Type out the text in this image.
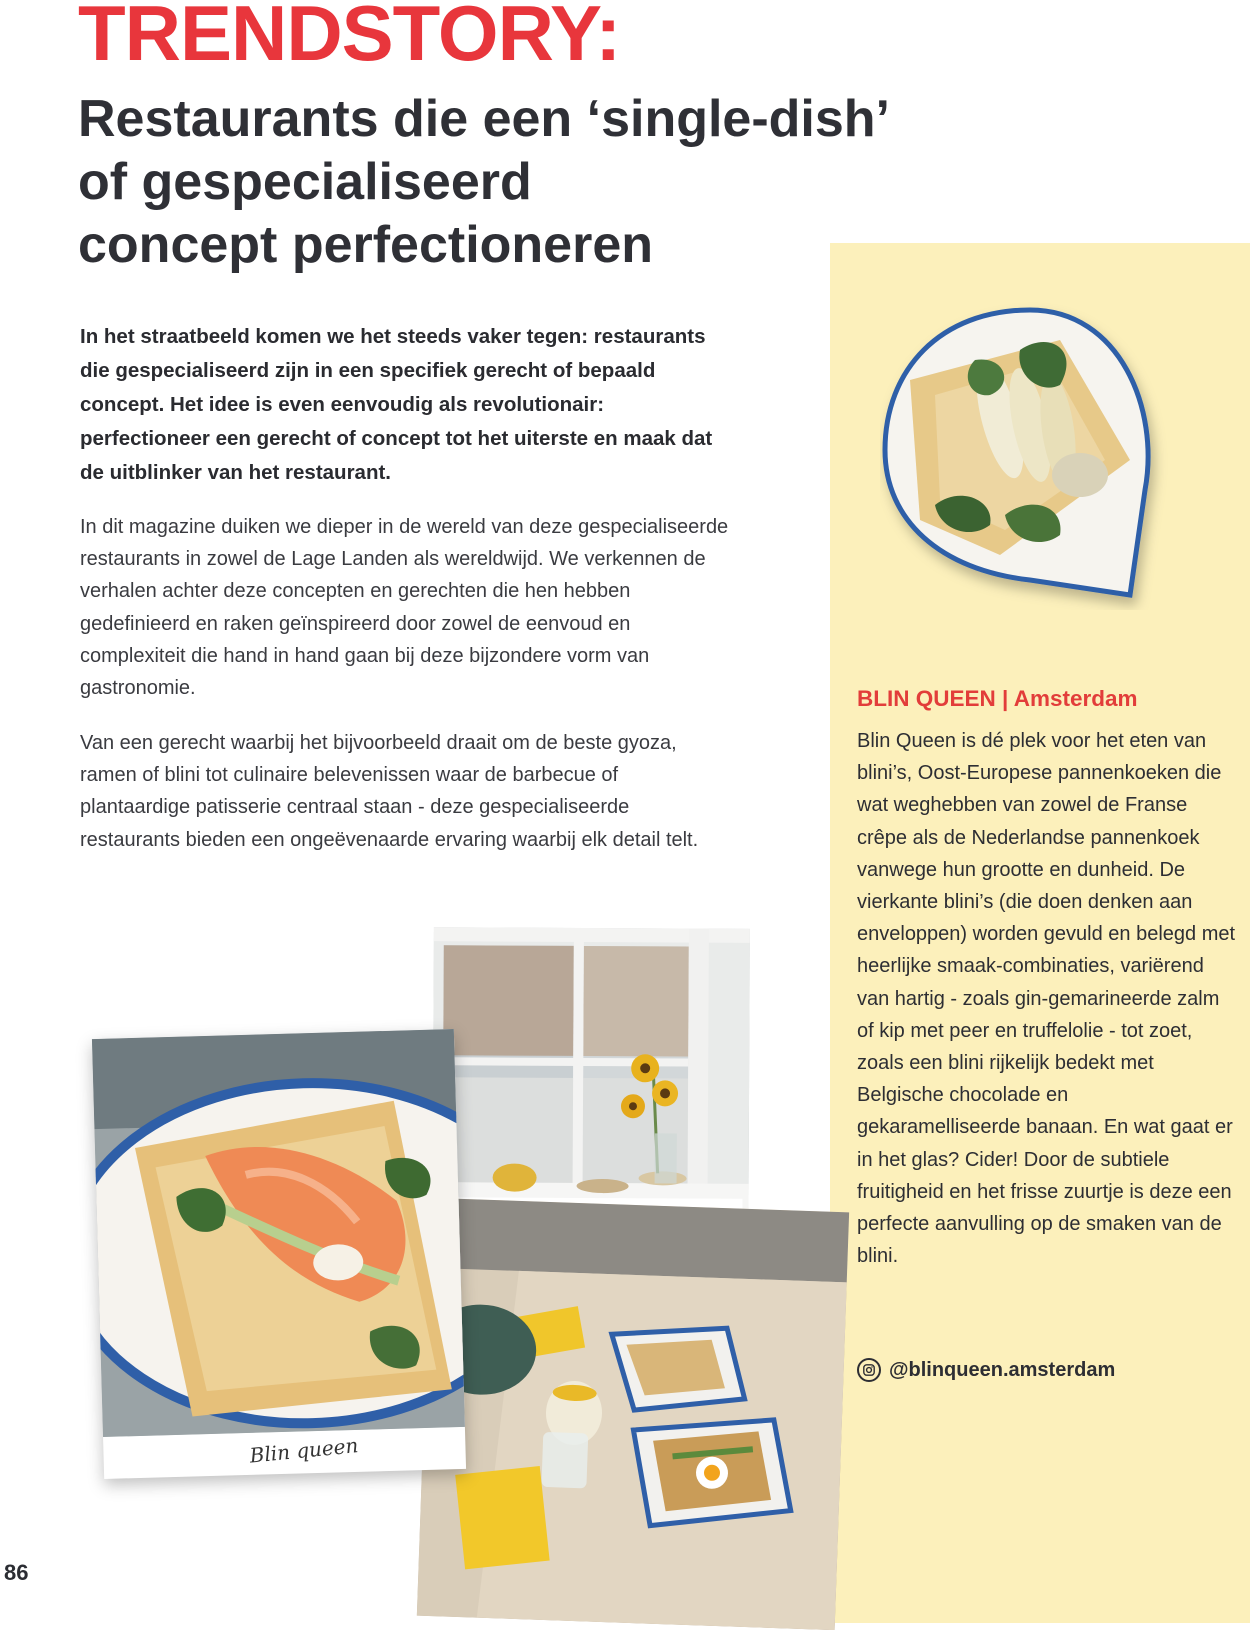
TRENDSTORY:
Restaurants die een ‘single-dish’
of gespecialiseerd
concept perfectioneren

In het straatbeeld komen we het steeds vaker tegen: restaurants die gespecialiseerd zijn in een specifiek gerecht of bepaald concept. Het idee is even eenvoudig als revolutionair: perfectioneer een gerecht of concept tot het uiterste en maak dat de uitblinker van het restaurant.

In dit magazine duiken we dieper in de wereld van deze gespecialiseerde restaurants in zowel de Lage Landen als wereldwijd. We verkennen de verhalen achter deze concepten en gerechten die hen hebben gedefinieerd en raken geïnspireerd door zowel de eenvoud en complexiteit die hand in hand gaan bij deze bijzondere vorm van gastronomie.

Van een gerecht waarbij het bijvoorbeeld draait om de beste gyoza, ramen of blini tot culinaire belevenissen waar de barbecue of plantaardige patisserie centraal staan - deze gespecialiseerde restaurants bieden een ongeëvenaarde ervaring waarbij elk detail telt.

BLIN QUEEN | Amsterdam

Blin Queen is dé plek voor het eten van blini’s, Oost-Europese pannenkoeken die wat weghebben van zowel de Franse crêpe als de Nederlandse pannenkoek vanwege hun grootte en dunheid. De vierkante blini’s (die doen denken aan enveloppen) worden gevuld en belegd met heerlijke smaak-combinaties, variërend van hartig - zoals gin-gemarineerde zalm of kip met peer en truffelolie - tot zoet, zoals een blini rijkelijk bedekt met Belgische chocolade en gekaramelliseerde banaan. En wat gaat er in het glas? Cider! Door de subtiele fruitigheid en het frisse zuurtje is deze een perfecte aanvulling op de smaken van de blini.

@blinqueen.amsterdam
Blin queen
86
